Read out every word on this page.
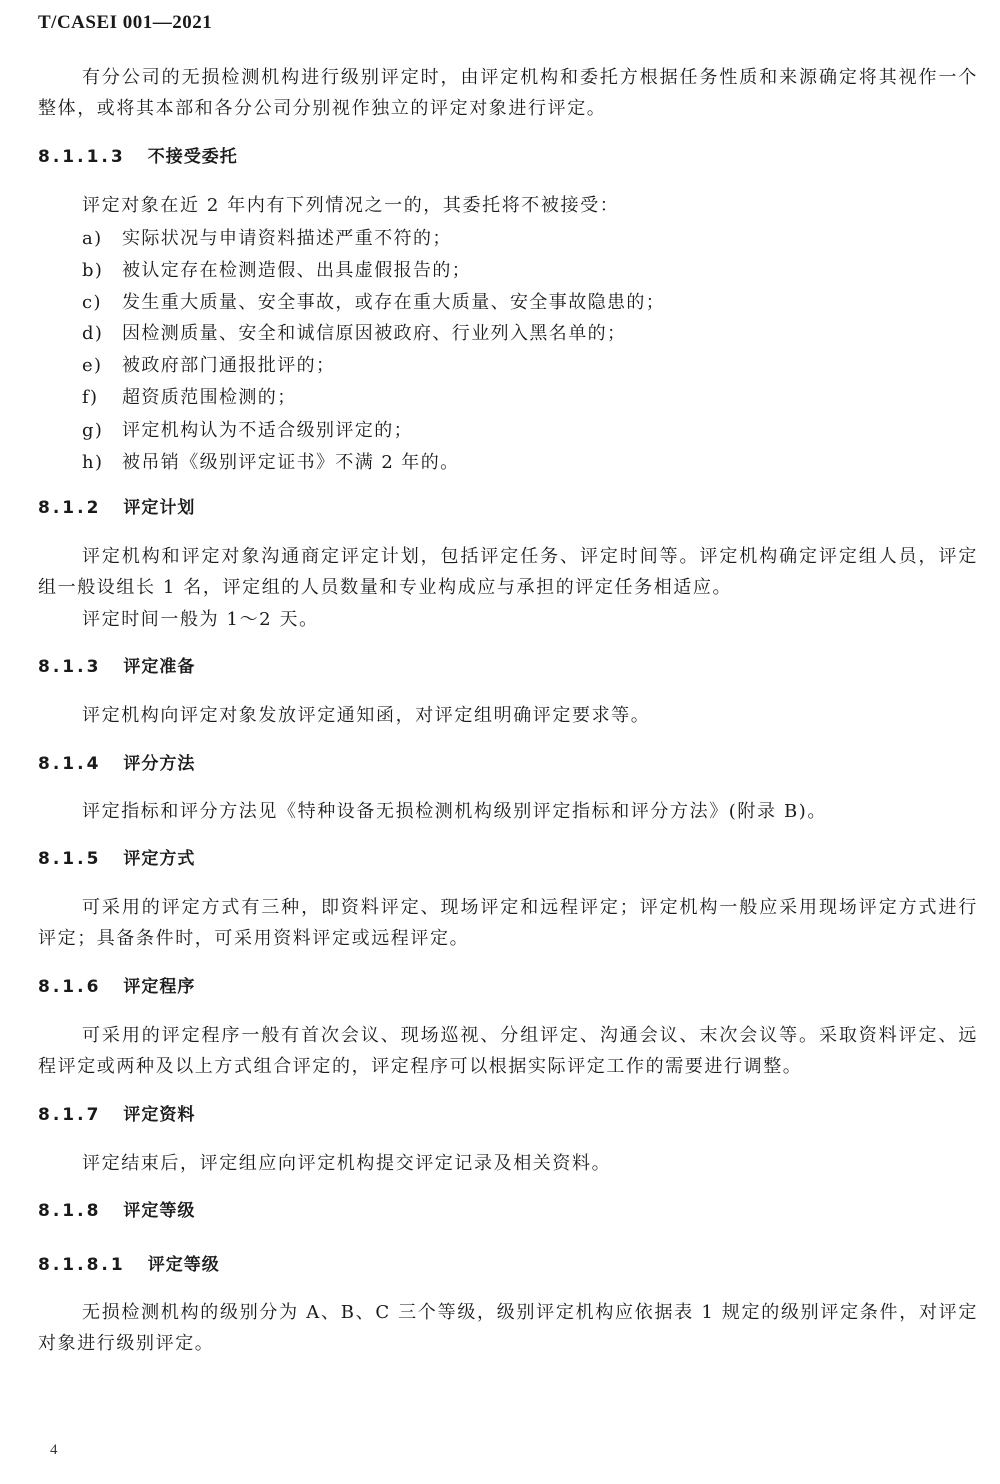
T/CASEI 001—2021

有分公司的无损检测机构进行级别评定时，由评定机构和委托方根据任务性质和来源确定将其视作一个整体，或将其本部和各分公司分别视作独立的评定对象进行评定。

8.1.1.3 不接受委托

评定对象在近 2 年内有下列情况之一的，其委托将不被接受：

a)	实际状况与申请资料描述严重不符的；
b)	被认定存在检测造假、出具虚假报告的；
c)	发生重大质量、安全事故，或存在重大质量、安全事故隐患的；
d)	因检测质量、安全和诚信原因被政府、行业列入黑名单的；
e)	被政府部门通报批评的；
f)	超资质范围检测的；
g)	评定机构认为不适合级别评定的；
h)	被吊销《级别评定证书》不满 2 年的。
8.1.2 评定计划

评定机构和评定对象沟通商定评定计划，包括评定任务、评定时间等。评定机构确定评定组人员，评定组一般设组长 1 名，评定组的人员数量和专业构成应与承担的评定任务相适应。

评定时间一般为 1～2 天。

8.1.3 评定准备

评定机构向评定对象发放评定通知函，对评定组明确评定要求等。

8.1.4 评分方法

评定指标和评分方法见《特种设备无损检测机构级别评定指标和评分方法》(附录 B)。

8.1.5 评定方式

可采用的评定方式有三种，即资料评定、现场评定和远程评定；评定机构一般应采用现场评定方式进行评定；具备条件时，可采用资料评定或远程评定。

8.1.6 评定程序

可采用的评定程序一般有首次会议、现场巡视、分组评定、沟通会议、末次会议等。采取资料评定、远程评定或两种及以上方式组合评定的，评定程序可以根据实际评定工作的需要进行调整。

8.1.7 评定资料

评定结束后，评定组应向评定机构提交评定记录及相关资料。

8.1.8 评定等级
8.1.8.1 评定等级

无损检测机构的级别分为 A、B、C 三个等级，级别评定机构应依据表 1 规定的级别评定条件，对评定对象进行级别评定。

4
